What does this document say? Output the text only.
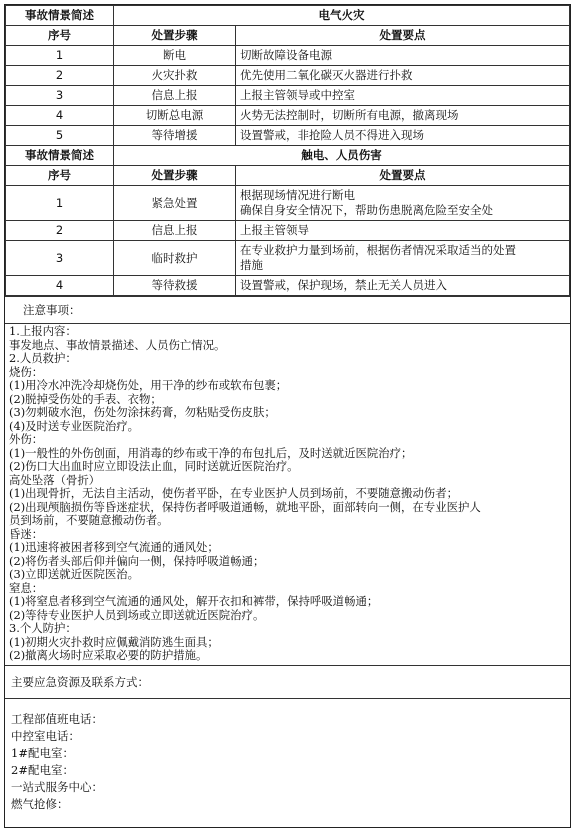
事故情景简述	电气火灾	
序号	处置步骤	处置要点
1	断电	切断故障设备电源
2	火灾扑救	优先使用二氧化碳灭火器进行扑救
3	信息上报	上报主管领导或中控室
4	切断总电源	火势无法控制时，切断所有电源，撤离现场
5	等待增援	设置警戒，非抢险人员不得进入现场
事故情景简述	触电、人员伤害	
序号	处置步骤	处置要点
1	紧急处置	根据现场情况进行断电
确保自身安全情况下，帮助伤患脱离危险至安全处

2	信息上报	上报主管领导

3	临时救护	在专业救护力量到场前，根据伤者情况采取适当的处置
措施

4	等待救援	设置警戒，保护现场，禁止无关人员进入
注意事项：
1.上报内容：
事发地点、事故情景描述、人员伤亡情况。
2.人员救护：
烧伤：
(1)用冷水冲洗冷却烧伤处，用干净的纱布或软布包裹；
(2)脱掉受伤处的手表、衣物；
(3)勿刺破水泡，伤处勿涂抹药膏，勿粘贴受伤皮肤；
(4)及时送专业医院治疗。
外伤：
(1)一般性的外伤创面，用消毒的纱布或干净的布包扎后，及时送就近医院治疗；
(2)伤口大出血时应立即设法止血，同时送就近医院治疗。
高处坠落（骨折）
(1)出现骨折，无法自主活动，使伤者平卧，在专业医护人员到场前，不要随意搬动伤者；
(2)出现颅脑损伤等昏迷症状，保持伤者呼吸道通畅，就地平卧，面部转向一侧，在专业医护人
员到场前，不要随意搬动伤者。
昏迷：
(1)迅速将被困者移到空气流通的通风处；
(2)将伤者头部后仰并偏向一侧，保持呼吸道畅通；
(3)立即送就近医院医治。
窒息：
(1)将窒息者移到空气流通的通风处，解开衣扣和裤带，保持呼吸道畅通；
(2)等待专业医护人员到场或立即送就近医院治疗。
3.个人防护：
(1)初期火灾扑救时应佩戴消防逃生面具；
(2)撤离火场时应采取必要的防护措施。
主要应急资源及联系方式：
工程部值班电话：
中控室电话：
1#配电室：
2#配电室：
一站式服务中心：
燃气抢修：
